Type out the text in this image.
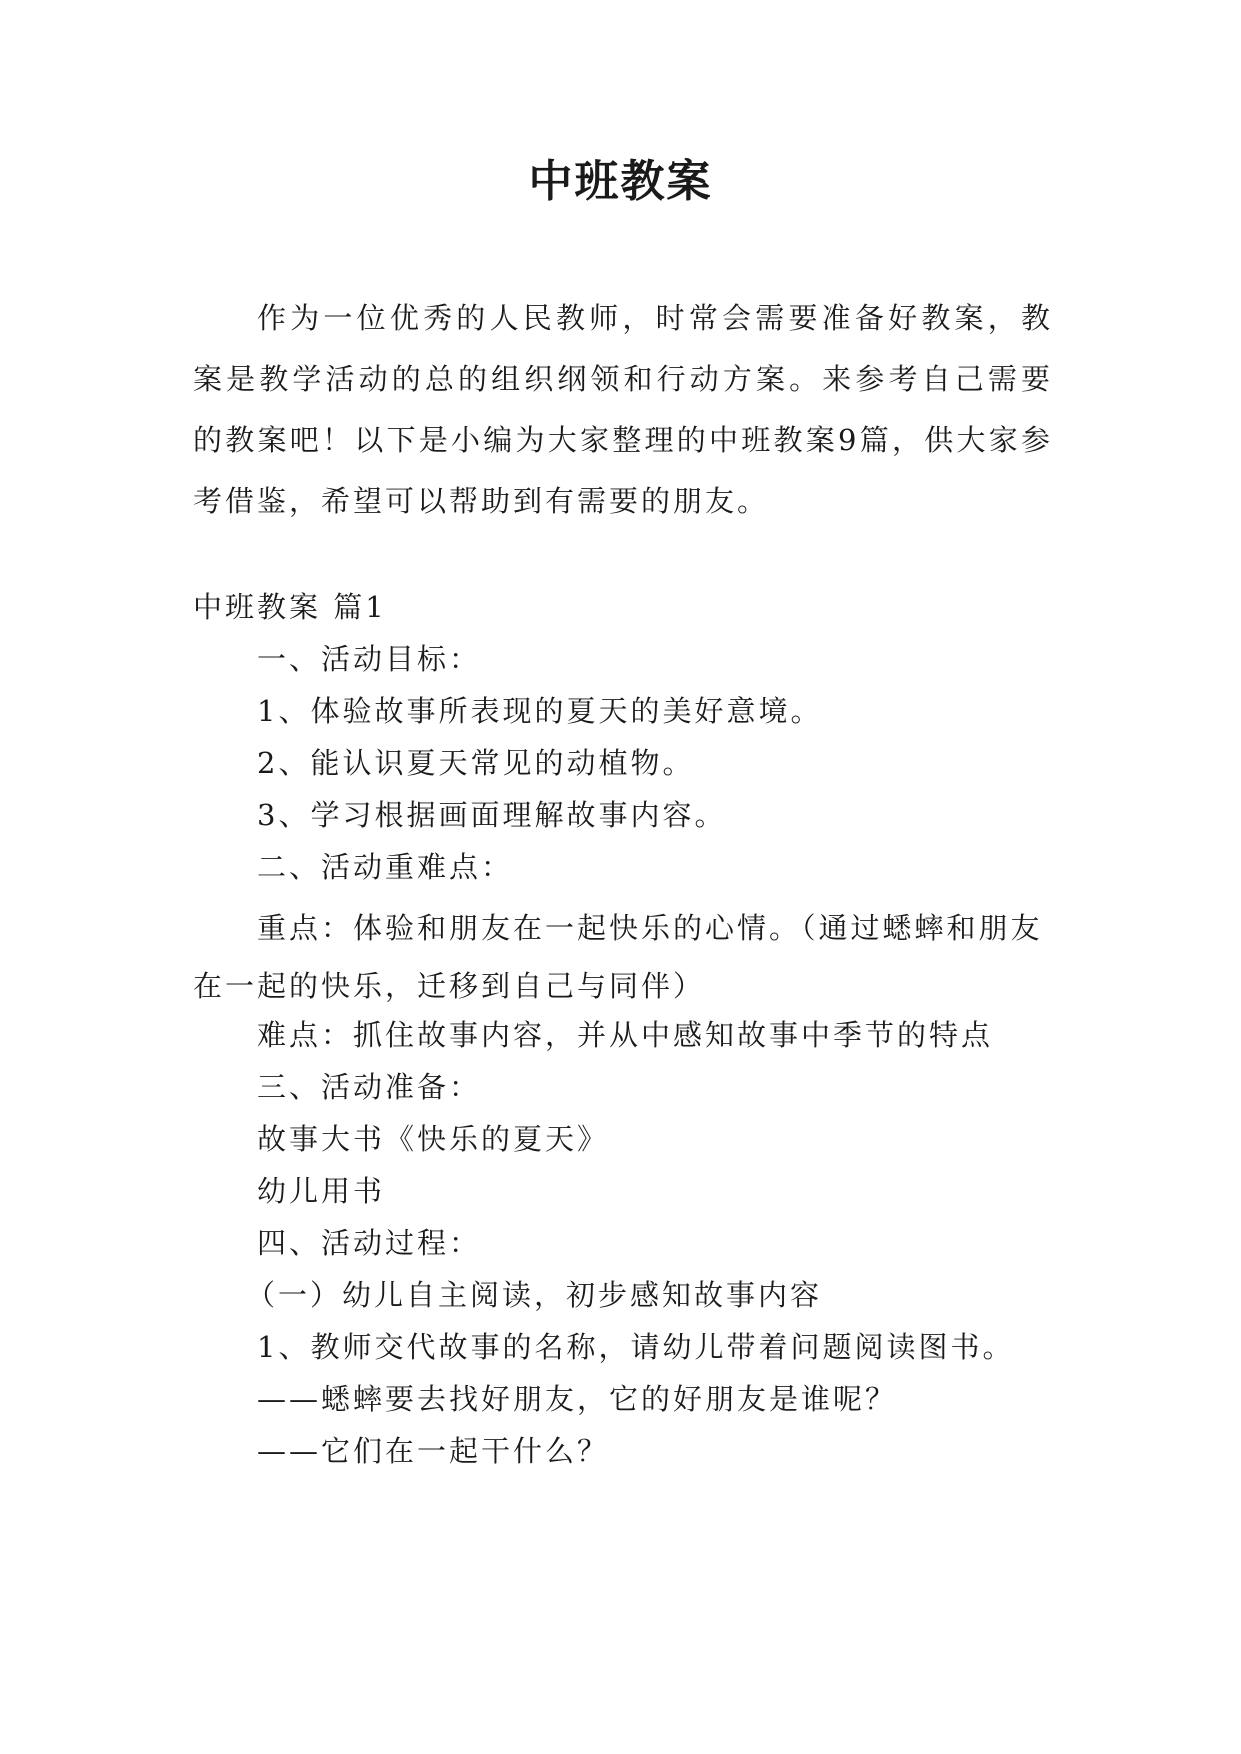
中班教案

作为一位优秀的人民教师，时常会需要准备好教案，教案是教学活动的总的组织纲领和行动方案。来参考自己需要的教案吧！以下是小编为大家整理的中班教案9篇，供大家参考借鉴，希望可以帮助到有需要的朋友。

中班教案 篇1
一、活动目标：
1、体验故事所表现的夏天的美好意境。
2、能认识夏天常见的动植物。
3、学习根据画面理解故事内容。
二、活动重难点：

重点：体验和朋友在一起快乐的心情。（通过蟋蟀和朋友在一起的快乐，迁移到自己与同伴）

难点：抓住故事内容，并从中感知故事中季节的特点
三、活动准备：
故事大书《快乐的夏天》
幼儿用书
四、活动过程：
（一）幼儿自主阅读，初步感知故事内容
1、教师交代故事的名称，请幼儿带着问题阅读图书。
——蟋蟀要去找好朋友，它的好朋友是谁呢？
——它们在一起干什么？
